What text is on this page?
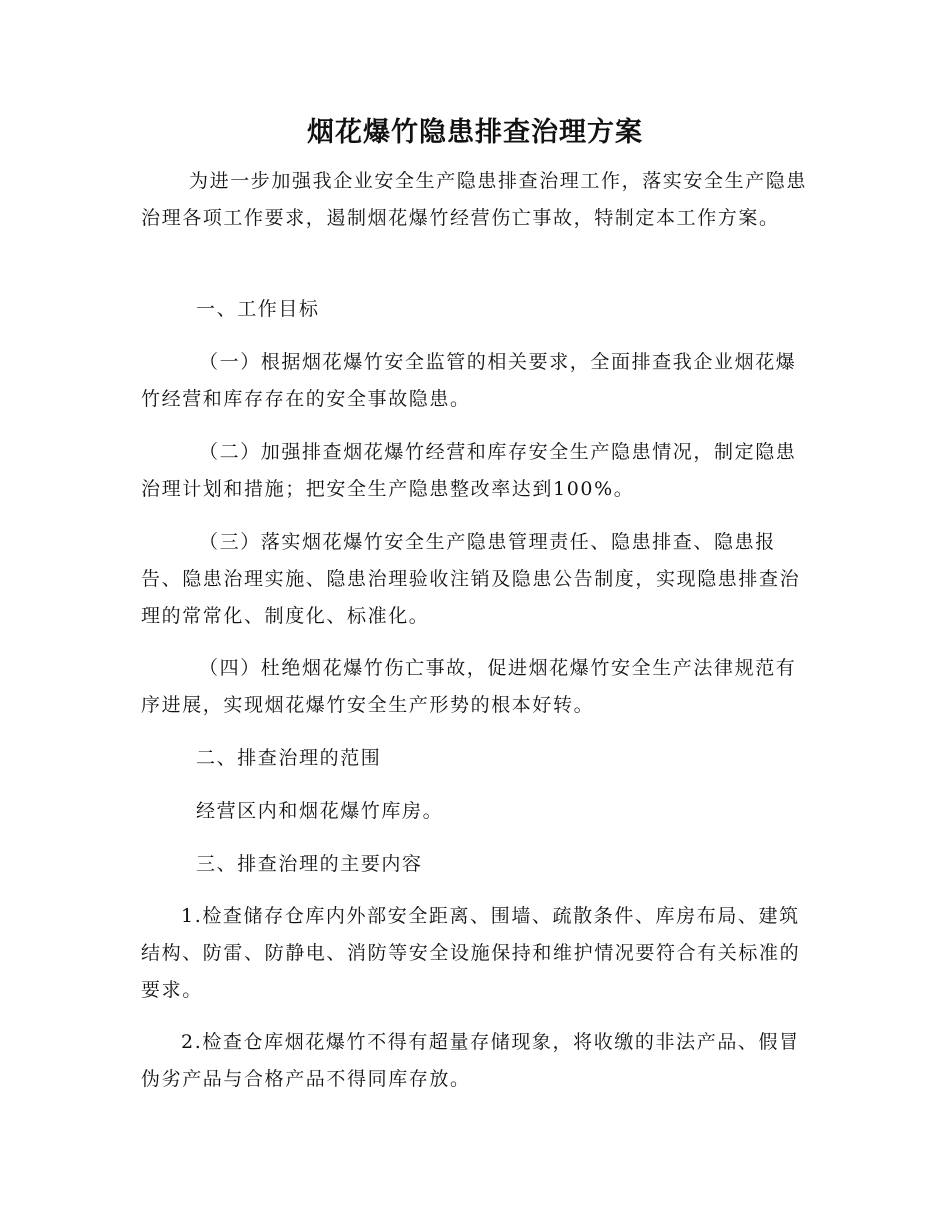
烟花爆竹隐患排查治理方案

为进一步加强我企业安全生产隐患排查治理工作，落实安全生产隐患治理各项工作要求，遏制烟花爆竹经营伤亡事故，特制定本工作方案。

一、工作目标

（一）根据烟花爆竹安全监管的相关要求，全面排查我企业烟花爆竹经营和库存存在的安全事故隐患。

（二）加强排查烟花爆竹经营和库存安全生产隐患情况，制定隐患治理计划和措施；把安全生产隐患整改率达到100%。

（三）落实烟花爆竹安全生产隐患管理责任、隐患排查、隐患报告、隐患治理实施、隐患治理验收注销及隐患公告制度，实现隐患排查治理的常常化、制度化、标准化。

（四）杜绝烟花爆竹伤亡事故，促进烟花爆竹安全生产法律规范有序进展，实现烟花爆竹安全生产形势的根本好转。

二、排查治理的范围

经营区内和烟花爆竹库房。

三、排查治理的主要内容

1.检查储存仓库内外部安全距离、围墙、疏散条件、库房布局、建筑结构、防雷、防静电、消防等安全设施保持和维护情况要符合有关标准的要求。

2.检查仓库烟花爆竹不得有超量存储现象，将收缴的非法产品、假冒伪劣产品与合格产品不得同库存放。
